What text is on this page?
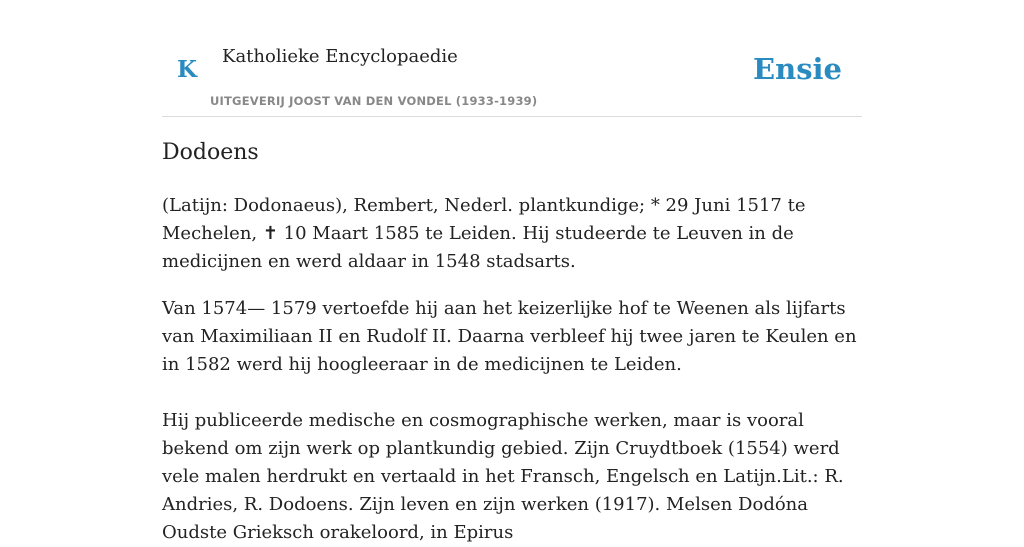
K Katholieke Encyclopaedie
UITGEVERIJ JOOST VAN DEN VONDEL (1933-1939)
Ensie
Dodoens

(Latijn: Dodonaeus), Rembert, Nederl. plantkundige; * 29 Juni 1517 te Mechelen, ✝ 10 Maart 1585 te Leiden. Hij studeerde te Leuven in de medicijnen en werd aldaar in 1548 stadsarts.

Van 1574— 1579 vertoefde hij aan het keizerlijke hof te Weenen als lijfarts van Maximiliaan II en Rudolf II. Daarna verbleef hij twee jaren te Keulen en in 1582 werd hij hoogleeraar in de medicijnen te Leiden.

Hij publiceerde medische en cosmographische werken, maar is vooral bekend om zijn werk op plantkundig gebied. Zijn Cruydtboek (1554) werd vele malen herdrukt en vertaald in het Fransch, Engelsch en Latijn.Lit.: R. Andries, R. Dodoens. Zijn leven en zijn werken (1917). Melsen Dodóna Oudste Grieksch orakeloord, in Epirus
